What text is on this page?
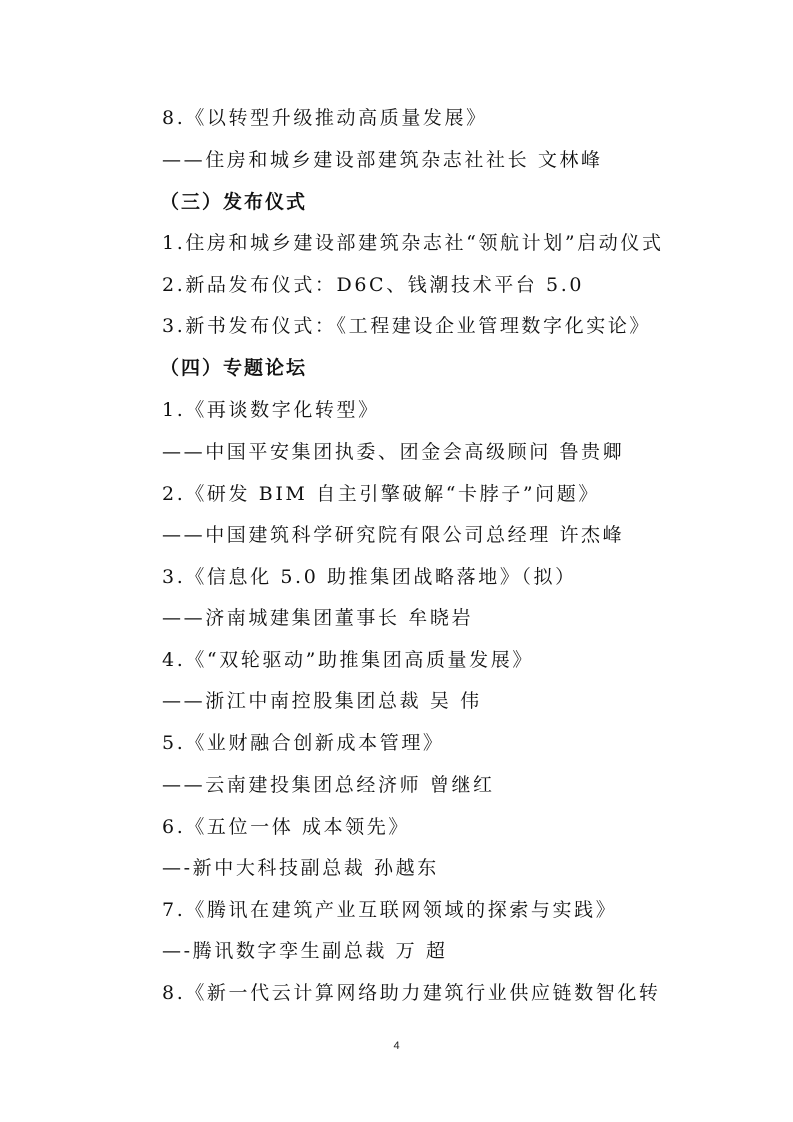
8.《以转型升级推动高质量发展》
——住房和城乡建设部建筑杂志社社长 文林峰
（三）发布仪式
1.住房和城乡建设部建筑杂志社“领航计划”启动仪式
2.新品发布仪式：D6C、钱潮技术平台 5.0
3.新书发布仪式：《工程建设企业管理数字化实论》
（四）专题论坛
1.《再谈数字化转型》
——中国平安集团执委、团金会高级顾问 鲁贵卿
2.《研发 BIM 自主引擎破解“卡脖子”问题》
——中国建筑科学研究院有限公司总经理 许杰峰
3.《信息化 5.0 助推集团战略落地》（拟）
——济南城建集团董事长 牟晓岩
4.《“双轮驱动”助推集团高质量发展》
——浙江中南控股集团总裁 吴 伟
5.《业财融合创新成本管理》
——云南建投集团总经济师 曾继红
6.《五位一体 成本领先》
—-新中大科技副总裁 孙越东
7.《腾讯在建筑产业互联网领域的探索与实践》
—-腾讯数字孪生副总裁 万 超
8.《新一代云计算网络助力建筑行业供应链数智化转
4
